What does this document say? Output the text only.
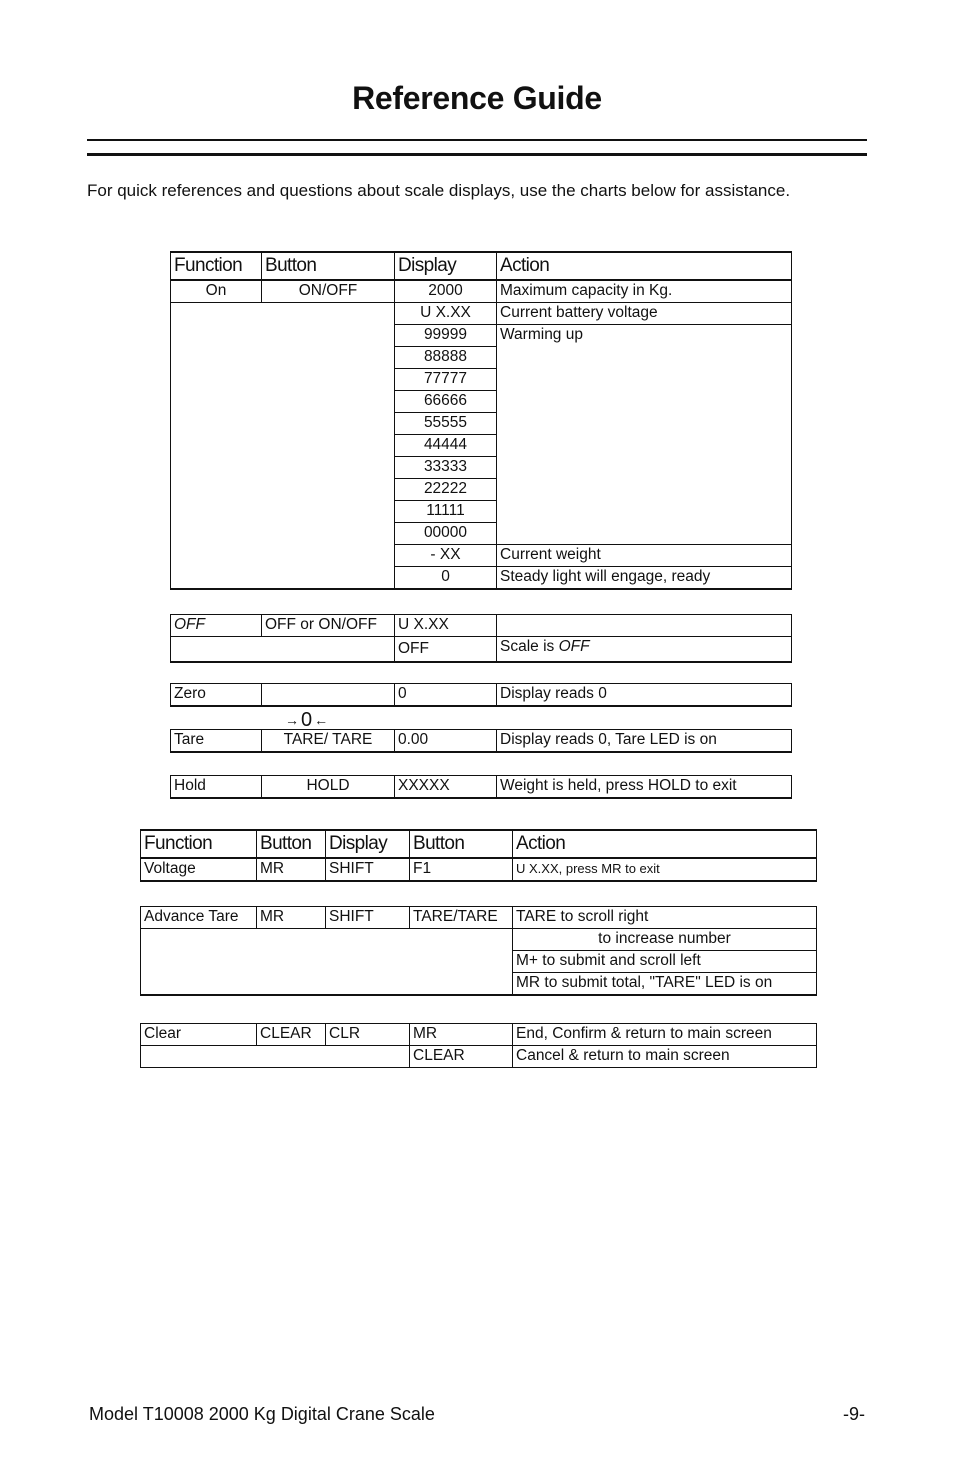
Reference Guide
For quick references and questions about scale displays, use the charts below for assistance.
Function	Button	Display	Action
On	ON/OFF	2000	Maximum capacity in Kg.
		U X.XX	Current battery voltage
		99999	Warming up
		88888	
		77777	
		66666	
		55555	
		44444	
		33333	
		22222	
		11111	
		00000	
		- XX	Current weight
		0	Steady light will engage, ready
OFF	OFF or ON/OFF	U X.XX	
		OFF	Scale is OFF
Zero		0	Display reads 0
→ 0 ←
Tare	TARE/ TARE	0.00	Display reads 0, Tare LED is on
Hold	HOLD	XXXXX	Weight is held, press HOLD to exit
Function	Button	Display	Button	Action
Voltage	MR	SHIFT	F1	U X.XX, press MR to exit
Advance Tare	MR	SHIFT	TARE/TARE	TARE to scroll right
				to increase number
				M+ to submit and scroll left
				MR to submit total, "TARE" LED is on
Clear	CLEAR	CLR	MR	End, Confirm & return to main screen
			CLEAR	Cancel & return to main screen
Model T10008 2000 Kg Digital Crane Scale	-9-
